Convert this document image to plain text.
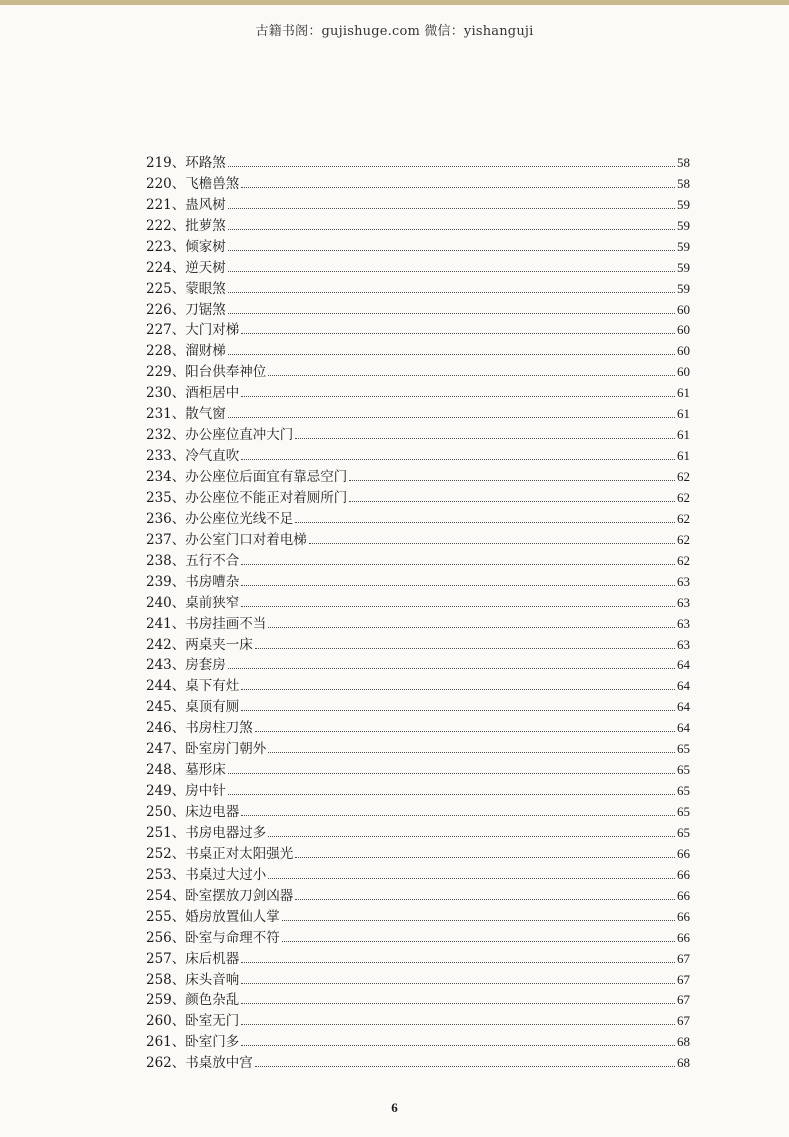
古籍书阁：gujishuge.com 微信：yishanguji
219、 环路煞	58
220、 飞檐兽煞	58
221、 蛊风树	59
222、 批萝煞	59
223、 倾家树	59
224、 逆天树	59
225、 蒙眼煞	59
226、 刀锯煞	60
227、 大门对梯	60
228、 溜财梯	60
229、 阳台供奉神位	60
230、 酒柜居中	61
231、 散气窗	61
232、 办公座位直冲大门	61
233、 冷气直吹	61
234、 办公座位后面宜有靠忌空门	62
235、 办公座位不能正对着厕所门	62
236、 办公座位光线不足	62
237、 办公室门口对着电梯	62
238、 五行不合	62
239、 书房嘈杂	63
240、 桌前狭窄	63
241、 书房挂画不当	63
242、 两桌夹一床	63
243、 房套房	64
244、 桌下有灶	64
245、 桌顶有厕	64
246、 书房柱刀煞	64
247、 卧室房门朝外	65
248、 墓形床	65
249、 房中针	65
250、 床边电器	65
251、 书房电器过多	65
252、 书桌正对太阳强光	66
253、 书桌过大过小	66
254、 卧室摆放刀剑凶器	66
255、 婚房放置仙人掌	66
256、 卧室与命理不符	66
257、 床后机器	67
258、 床头音响	67
259、 颜色杂乱	67
260、 卧室无门	67
261、 卧室门多	68
262、 书桌放中宫	68
6
